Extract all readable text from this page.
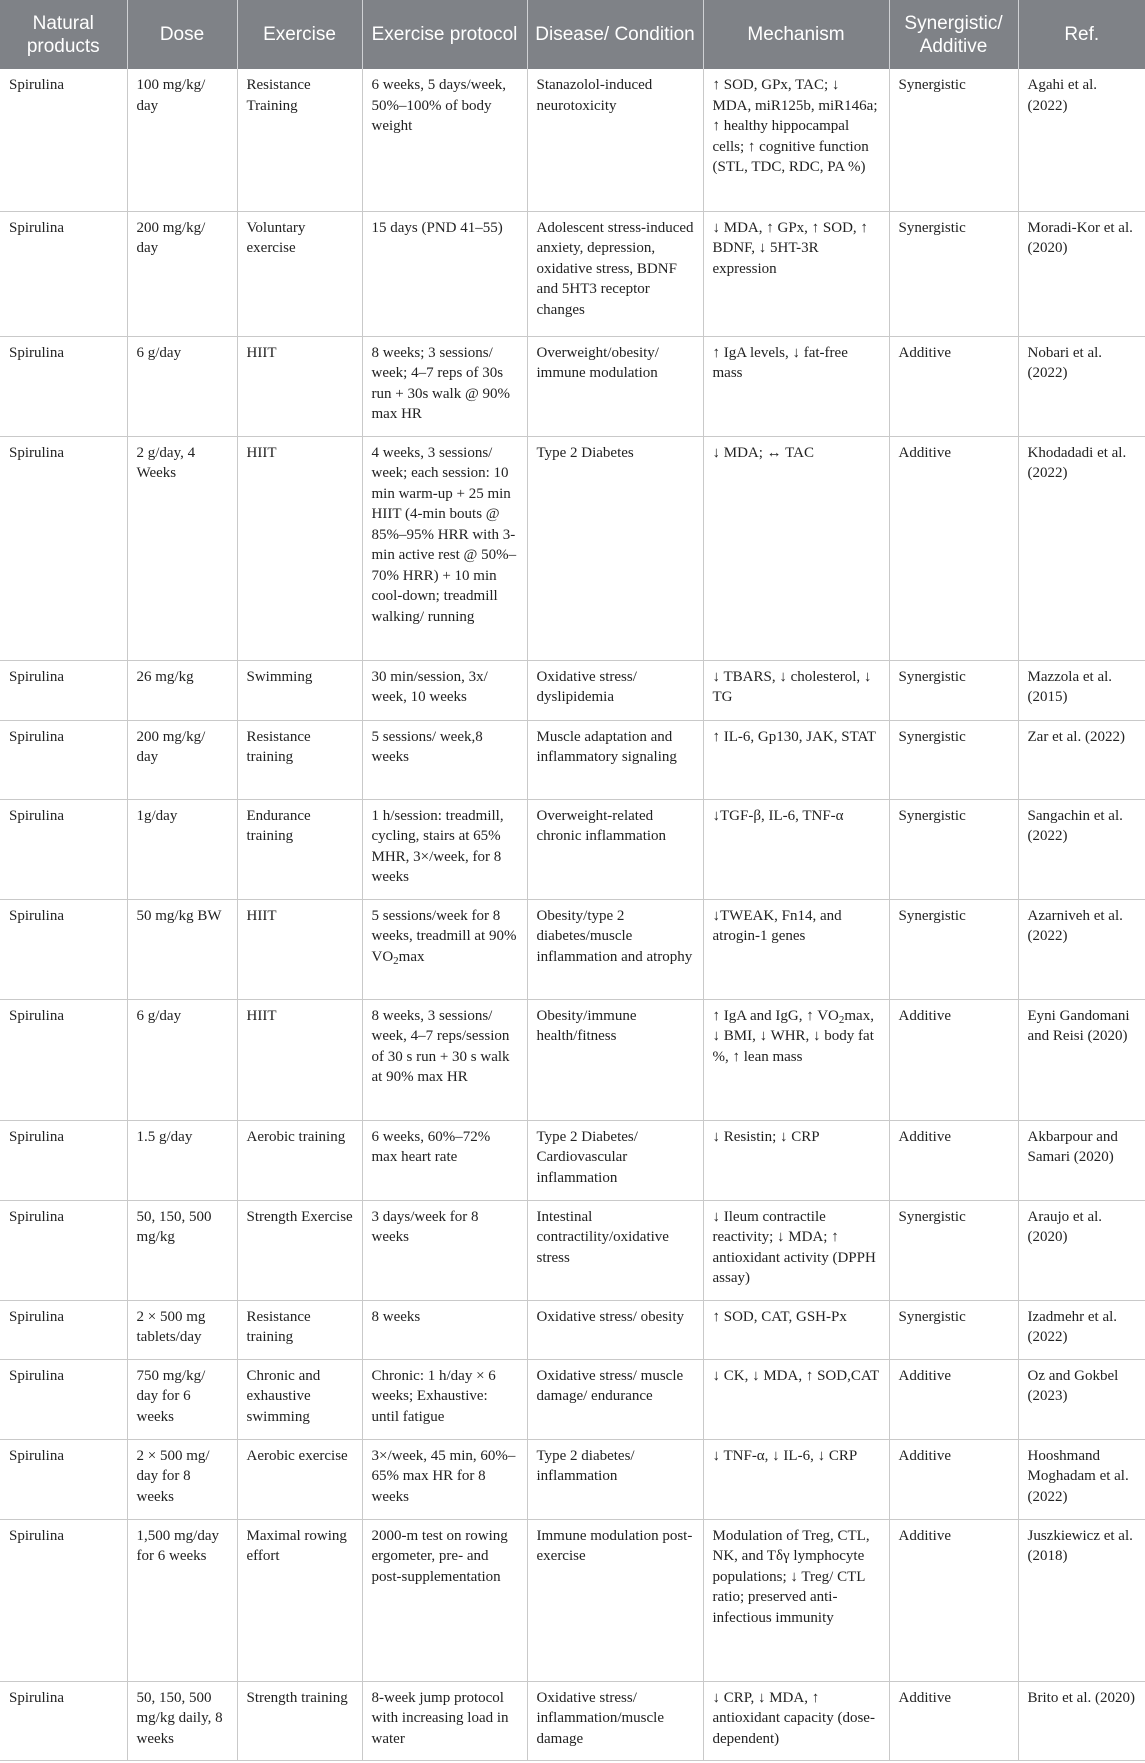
Natural products	Dose	Exercise	Exercise protocol	Disease/ Condition	Mechanism	Synergistic/ Additive	Ref.
Spirulina	100 mg/kg/ day	Resistance Training	6 weeks, 5 days/week, 50%–100% of body weight	Stanazolol-induced neurotoxicity	↑ SOD, GPx, TAC; ↓ MDA, miR125b, miR146a; ↑ healthy hippocampal cells; ↑ cognitive function (STL, TDC, RDC, PA %)	Synergistic	Agahi et al. (2022)
Spirulina	200 mg/kg/ day	Voluntary exercise	15 days (PND 41–55)	Adolescent stress-induced anxiety, depression, oxidative stress, BDNF and 5HT3 receptor changes	↓ MDA, ↑ GPx, ↑ SOD, ↑ BDNF, ↓ 5HT-3R expression	Synergistic	Moradi-Kor et al. (2020)
Spirulina	6 g/day	HIIT	8 weeks; 3 sessions/ week; 4–7 reps of 30s run + 30s walk @ 90% max HR	Overweight/obesity/ immune modulation	↑ IgA levels, ↓ fat-free mass	Additive	Nobari et al. (2022)
Spirulina	2 g/day, 4 Weeks	HIIT	4 weeks, 3 sessions/ week; each session: 10 min warm-up + 25 min HIIT (4-min bouts @ 85%–95% HRR with 3-min active rest @ 50%–70% HRR) + 10 min cool-down; treadmill walking/ running	Type 2 Diabetes	↓ MDA; ↔ TAC	Additive	Khodadadi et al. (2022)
Spirulina	26 mg/kg	Swimming	30 min/session, 3x/ week, 10 weeks	Oxidative stress/ dyslipidemia	↓ TBARS, ↓ cholesterol, ↓ TG	Synergistic	Mazzola et al. (2015)
Spirulina	200 mg/kg/ day	Resistance training	5 sessions/ week,8 weeks	Muscle adaptation and inflammatory signaling	↑ IL-6, Gp130, JAK, STAT	Synergistic	Zar et al. (2022)
Spirulina	1g/day	Endurance training	1 h/session: treadmill, cycling, stairs at 65% MHR, 3×/week, for 8 weeks	Overweight-related chronic inflammation	↓TGF-β, IL-6, TNF-α	Synergistic	Sangachin et al. (2022)
Spirulina	50 mg/kg BW	HIIT	5 sessions/week for 8 weeks, treadmill at 90% $VO_2\max$	Obesity/type 2 diabetes/muscle inflammation and atrophy	↓TWEAK, Fn14, and atrogin-1 genes	Synergistic	Azarniveh et al. (2022)
Spirulina	6 g/day	HIIT	8 weeks, 3 sessions/ week, 4–7 reps/session of 30 s run + 30 s walk at 90% max HR	Obesity/immune health/fitness	↑ IgA and IgG, ↑ $VO_2\max$, ↓ BMI, ↓ WHR, ↓ body fat %, ↑ lean mass	Additive	Eyni Gandomani and Reisi (2020)
Spirulina	1.5 g/day	Aerobic training	6 weeks, 60%–72% max heart rate	Type 2 Diabetes/ Cardiovascular inflammation	↓ Resistin; ↓ CRP	Additive	Akbarpour and Samari (2020)
Spirulina	50, 150, 500 mg/kg	Strength Exercise	3 days/week for 8 weeks	Intestinal contractility/oxidative stress	↓ Ileum contractile reactivity; ↓ MDA; ↑ antioxidant activity (DPPH assay)	Synergistic	Araujo et al. (2020)
Spirulina	2 × 500 mg tablets/day	Resistance training	8 weeks	Oxidative stress/ obesity	↑ SOD, CAT, GSH-Px	Synergistic	Izadmehr et al. (2022)
Spirulina	750 mg/kg/ day for 6 weeks	Chronic and exhaustive swimming	Chronic: 1 h/day × 6 weeks; Exhaustive: until fatigue	Oxidative stress/ muscle damage/ endurance	↓ CK, ↓ MDA, ↑ SOD,CAT	Additive	Oz and Gokbel (2023)
Spirulina	2 × 500 mg/ day for 8 weeks	Aerobic exercise	3×/week, 45 min, 60%–65% max HR for 8 weeks	Type 2 diabetes/ inflammation	↓ TNF-α, ↓ IL-6, ↓ CRP	Additive	Hooshmand Moghadam et al. (2022)
Spirulina	1,500 mg/day for 6 weeks	Maximal rowing effort	2000-m test on rowing ergometer, pre- and post-supplementation	Immune modulation post-exercise	Modulation of Treg, CTL, NK, and Tδγ lymphocyte populations; ↓ Treg/ CTL ratio; preserved anti-infectious immunity	Additive	Juszkiewicz et al. (2018)
Spirulina	50, 150, 500 mg/kg daily, 8 weeks	Strength training	8-week jump protocol with increasing load in water	Oxidative stress/ inflammation/muscle damage	↓ CRP, ↓ MDA, ↑ antioxidant capacity (dose-dependent)	Additive	Brito et al. (2020)
